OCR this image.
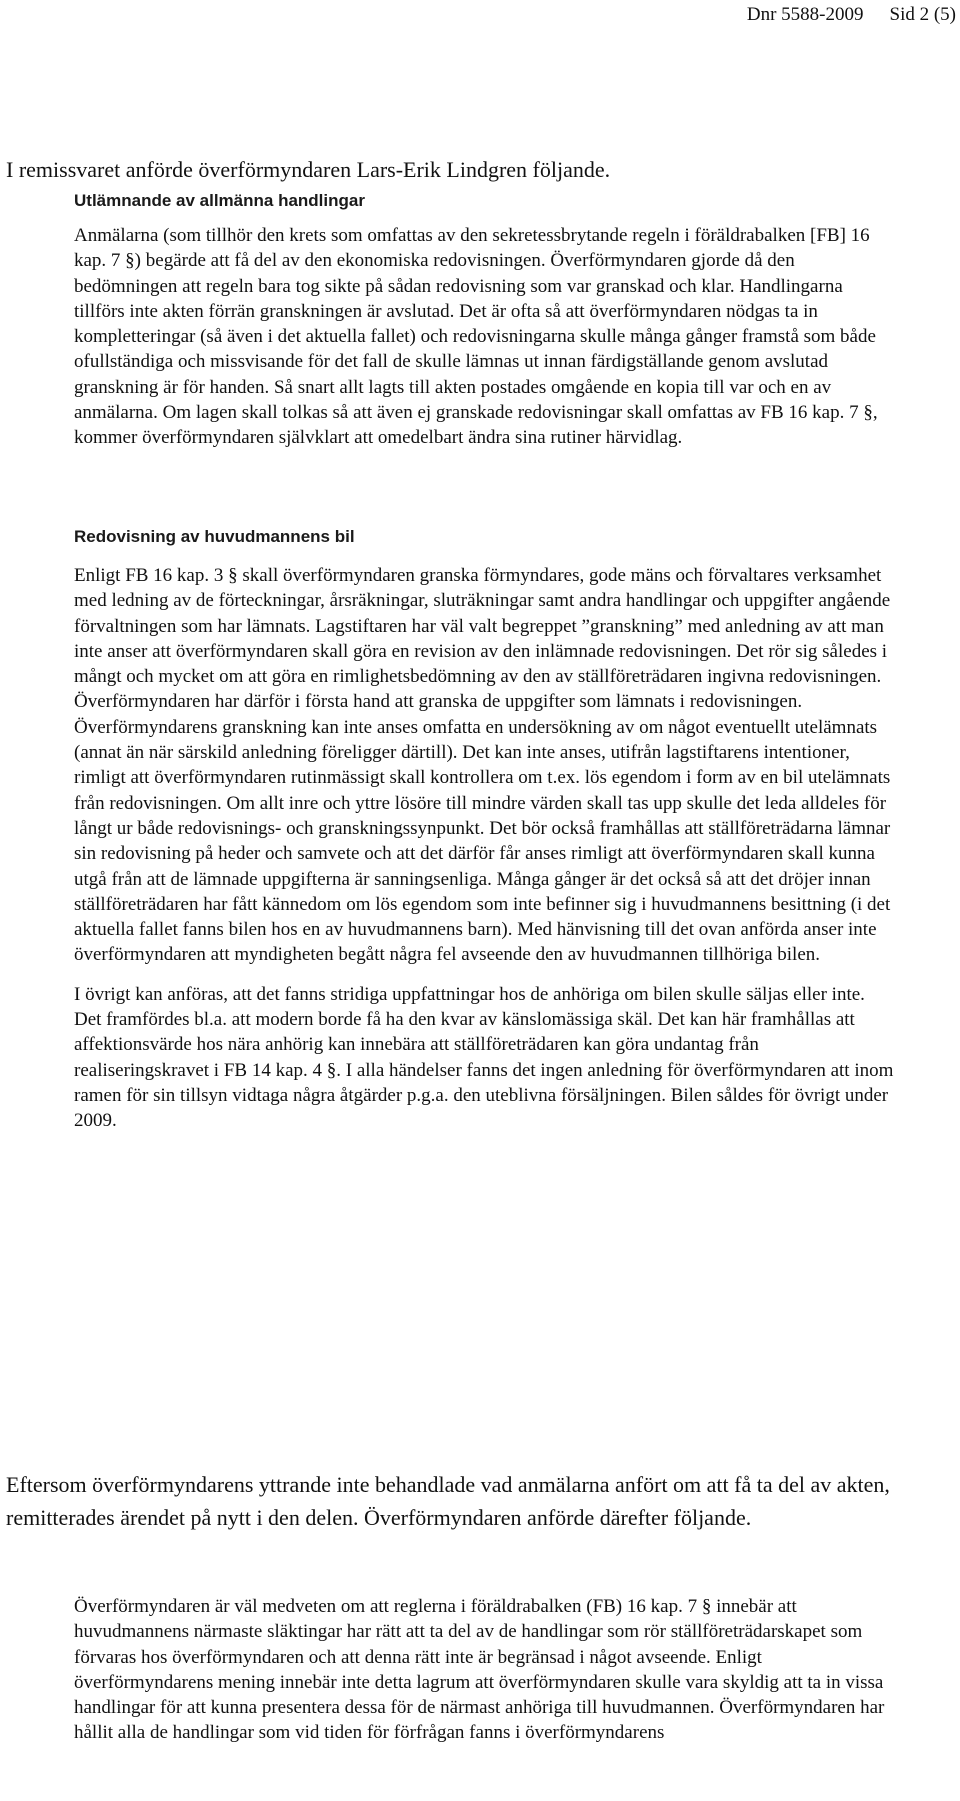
Dnr 5588-2009 Sid 2 (5)

I remissvaret anförde överförmyndaren Lars-Erik Lindgren följande.

Utlämnande av allmänna handlingar

Anmälarna (som tillhör den krets som omfattas av den sekretessbrytande regeln i föräldrabalken [FB] 16 kap. 7 §) begärde att få del av den ekonomiska redovisningen. Överförmyndaren gjorde då den bedömningen att regeln bara tog sikte på sådan redovisning som var granskad och klar. Handlingarna tillförs inte akten förrän granskningen är avslutad. Det är ofta så att överförmyndaren nödgas ta in kompletteringar (så även i det aktuella fallet) och redovisningarna skulle många gånger framstå som både ofullständiga och missvisande för det fall de skulle lämnas ut innan färdigställande genom avslutad granskning är för handen. Så snart allt lagts till akten postades omgående en kopia till var och en av anmälarna. Om lagen skall tolkas så att även ej granskade redovisningar skall omfattas av FB 16 kap. 7 §, kommer överförmyndaren självklart att omedelbart ändra sina rutiner härvidlag.

Redovisning av huvudmannens bil

Enligt FB 16 kap. 3 § skall överförmyndaren granska förmyndares, gode mäns och förvaltares verksamhet med ledning av de förteckningar, årsräkningar, sluträkningar samt andra handlingar och uppgifter angående förvaltningen som har lämnats. Lagstiftaren har väl valt begreppet ”granskning” med anledning av att man inte anser att överförmyndaren skall göra en revision av den inlämnade redovisningen. Det rör sig således i mångt och mycket om att göra en rimlighetsbedömning av den av ställföreträdaren ingivna redovisningen. Överförmyndaren har därför i första hand att granska de uppgifter som lämnats i redovisningen. Överförmyndarens granskning kan inte anses omfatta en undersökning av om något eventuellt utelämnats (annat än när särskild anledning föreligger därtill). Det kan inte anses, utifrån lagstiftarens intentioner, rimligt att överförmyndaren rutinmässigt skall kontrollera om t.ex. lös egendom i form av en bil utelämnats från redovisningen. Om allt inre och yttre lösöre till mindre värden skall tas upp skulle det leda alldeles för långt ur både redovisnings- och granskningssynpunkt. Det bör också framhållas att ställföreträdarna lämnar sin redovisning på heder och samvete och att det därför får anses rimligt att överförmyndaren skall kunna utgå från att de lämnade uppgifterna är sanningsenliga. Många gånger är det också så att det dröjer innan ställföreträdaren har fått kännedom om lös egendom som inte befinner sig i huvudmannens besittning (i det aktuella fallet fanns bilen hos en av huvudmannens barn). Med hänvisning till det ovan anförda anser inte överförmyndaren att myndigheten begått några fel avseende den av huvudmannen tillhöriga bilen.

I övrigt kan anföras, att det fanns stridiga uppfattningar hos de anhöriga om bilen skulle säljas eller inte. Det framfördes bl.a. att modern borde få ha den kvar av känslomässiga skäl. Det kan här framhållas att affektionsvärde hos nära anhörig kan innebära att ställföreträdaren kan göra undantag från realiseringskravet i FB 14 kap. 4 §. I alla händelser fanns det ingen anledning för överförmyndaren att inom ramen för sin tillsyn vidtaga några åtgärder p.g.a. den uteblivna försäljningen. Bilen såldes för övrigt under 2009.

Eftersom överförmyndarens yttrande inte behandlade vad anmälarna anfört om att få ta del av akten, remitterades ärendet på nytt i den delen. Överförmyndaren anförde därefter följande.

Överförmyndaren är väl medveten om att reglerna i föräldrabalken (FB) 16 kap. 7 § innebär att huvudmannens närmaste släktingar har rätt att ta del av de handlingar som rör ställföreträdarskapet som förvaras hos överförmyndaren och att denna rätt inte är begränsad i något avseende. Enligt överförmyndarens mening innebär inte detta lagrum att överförmyndaren skulle vara skyldig att ta in vissa handlingar för att kunna presentera dessa för de närmast anhöriga till huvudmannen. Överförmyndaren har hållit alla de handlingar som vid tiden för förfrågan fanns i överförmyndarens
